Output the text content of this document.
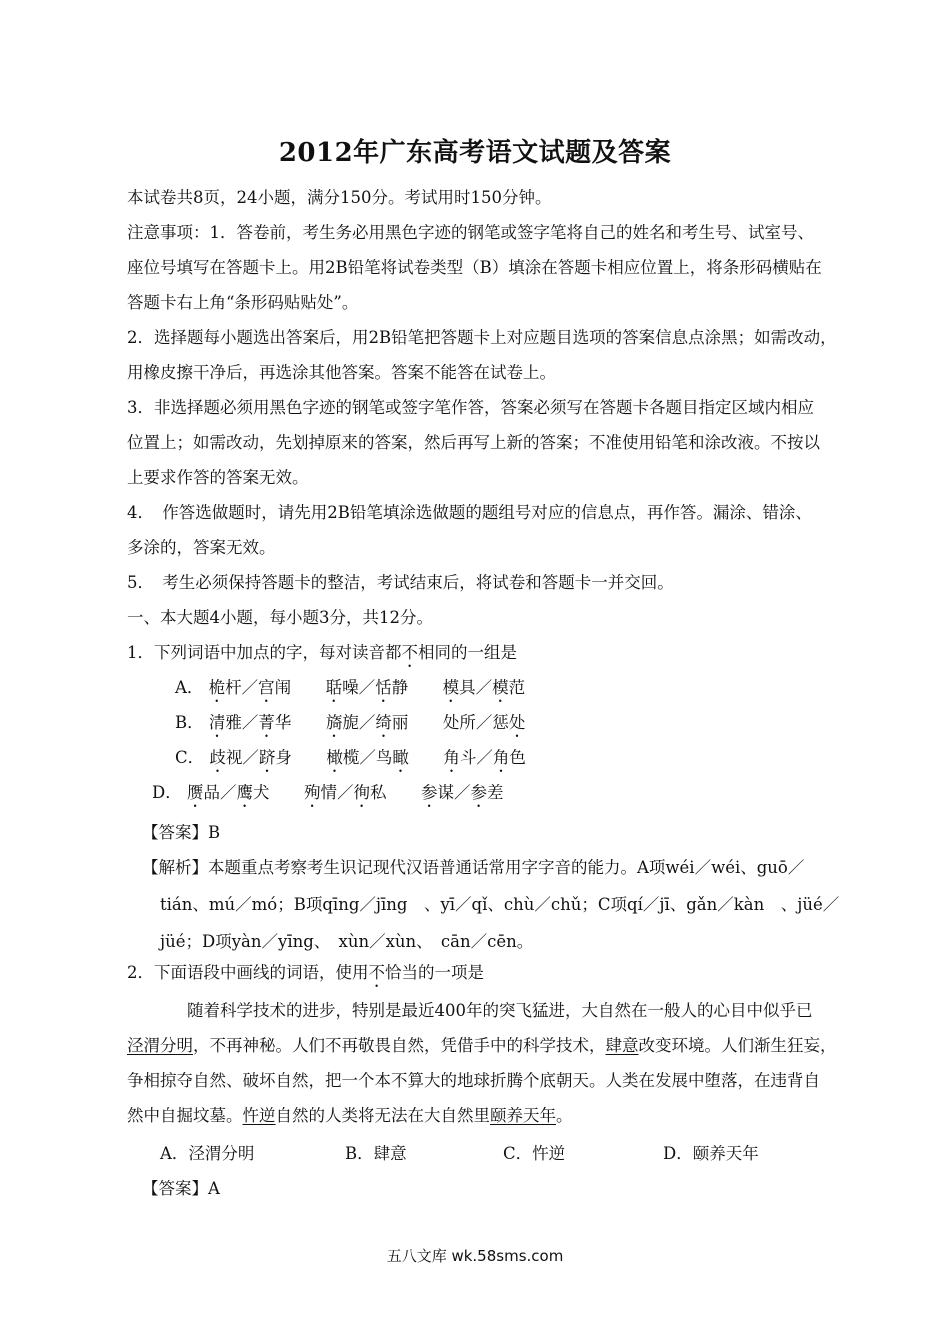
2012年广东高考语文试题及答案
本试卷共8页，24小题，满分150分。考试用时150分钟。
注意事项：1．答卷前，考生务必用黑色字迹的钢笔或签字笔将自己的姓名和考生号、试室号、
座位号填写在答题卡上。用2B铅笔将试卷类型（B）填涂在答题卡相应位置上，将条形码横贴在
答题卡右上角“条形码贴贴处”。
2．选择题每小题选出答案后，用2B铅笔把答题卡上对应题目选项的答案信息点涂黑；如需改动，
用橡皮擦干净后，再选涂其他答案。答案不能答在试卷上。
3．非选择题必须用黑色字迹的钢笔或签字笔作答，答案必须写在答题卡各题目指定区域内相应
位置上；如需改动，先划掉原来的答案，然后再写上新的答案；不准使用铅笔和涂改液。不按以
上要求作答的答案无效。
4．　作答选做题时，请先用2B铅笔填涂选做题的题组号对应的信息点，再作答。漏涂、错涂、
多涂的，答案无效。
5．　考生必须保持答题卡的整洁，考试结束后，将试卷和答题卡一并交回。
一、本大题4小题，每小题3分，共12分。
1．下列词语中加点的字，每对读音都不相同的一组是
A． 桅杆／宫闱 聒噪／恬静 模具／模范
B． 清雅／菁华 旖旎／绮丽 处所／惩处
C． 歧视／跻身 橄榄／鸟瞰 角斗／角色
D． 赝品／鹰犬 殉情／徇私 参谋／参差
【答案】B
【解析】本题重点考察考生识记现代汉语普通话常用字字音的能力。A项wéi／wéi、guō／
tián、mú／mó；B项qīng／jīng　、yī／qǐ、chù／chǔ；C项qí／jī、gǎn／kàn　、jüé／
jüé；D项yàn／yīng、　xùn／xùn、　cān／cēn。
2．下面语段中画线的词语，使用不恰当的一项是
随着科学技术的进步，特别是最近400年的突飞猛进，大自然在一般人的心目中似乎已
泾渭分明，不再神秘。人们不再敬畏自然，凭借手中的科学技术，肆意改变环境。人们渐生狂妄，
争相掠夺自然、破坏自然，把一个本不算大的地球折腾个底朝天。人类在发展中堕落，在违背自
然中自掘坟墓。忤逆自然的人类将无法在大自然里颐养天年。
A．泾渭分明	B．肆意	C．忤逆	D．颐养天年
【答案】A
五八文库 wk.58sms.com
